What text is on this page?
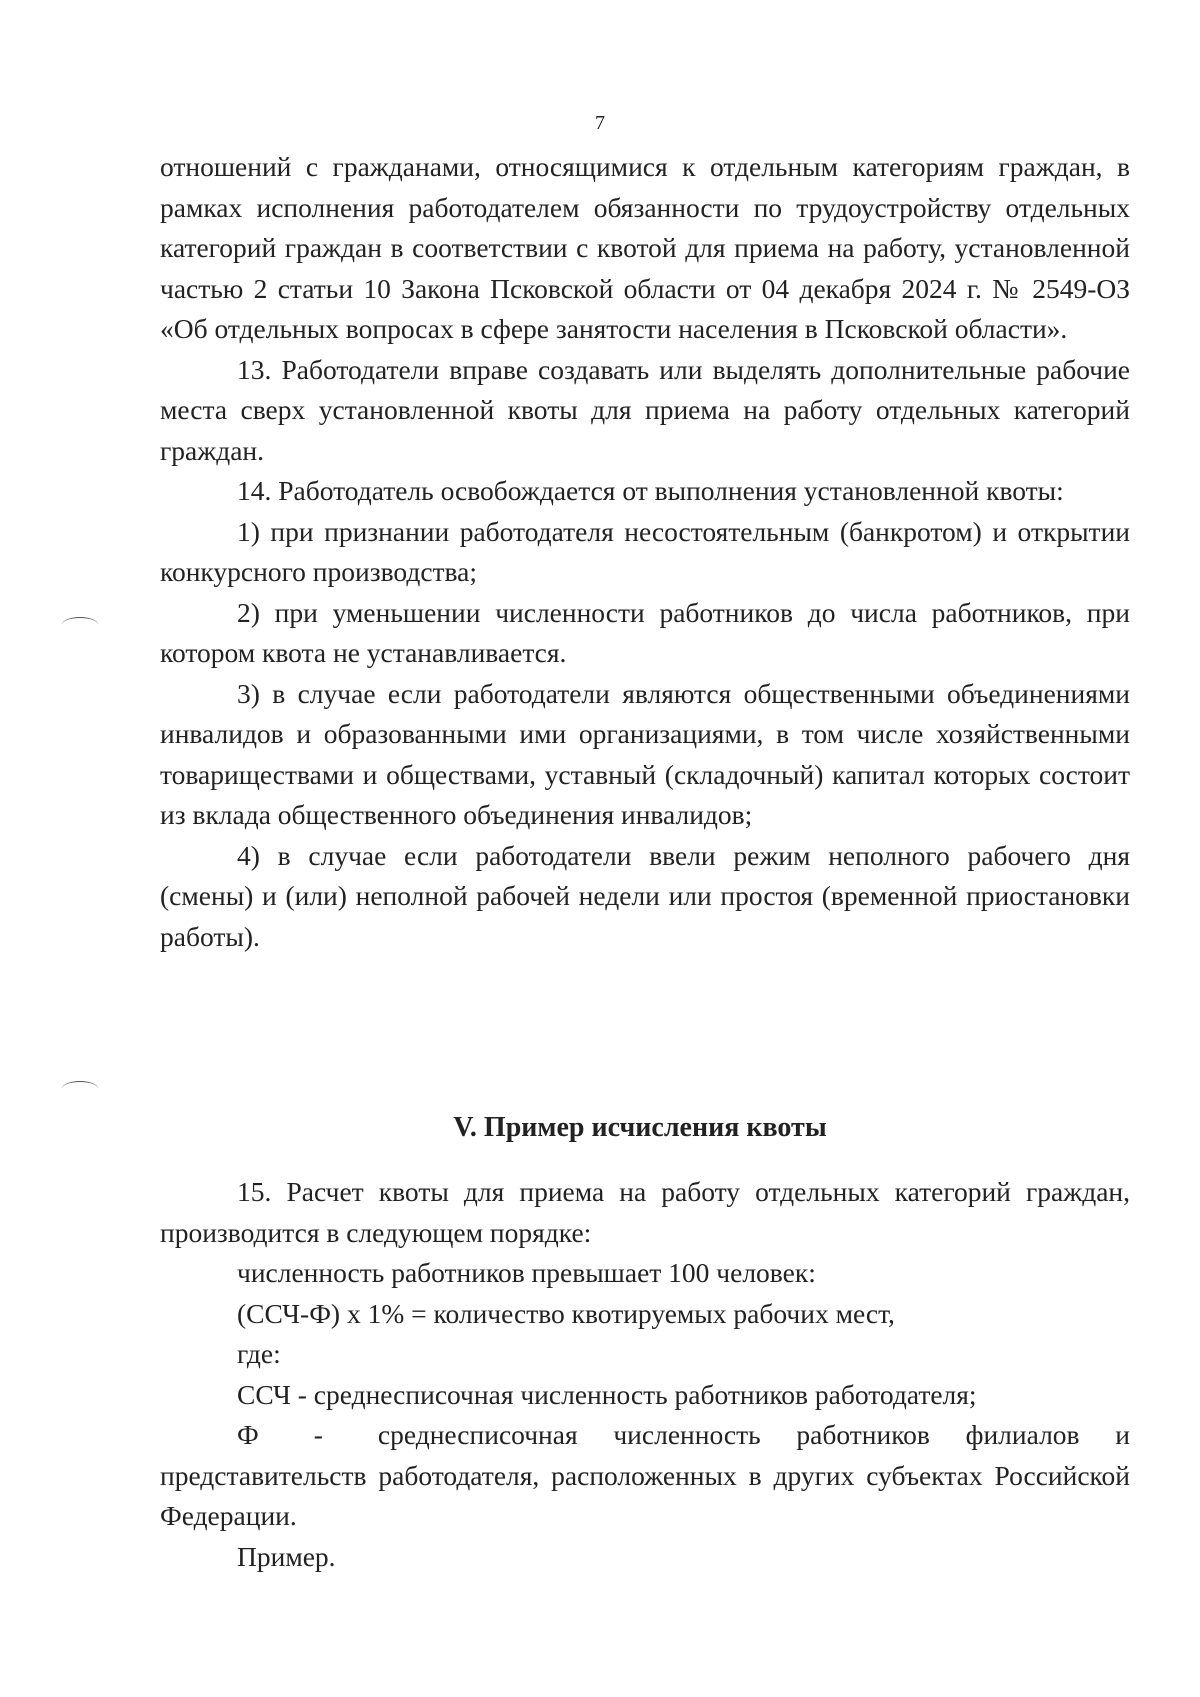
7

отношений с гражданами, относящимися к отдельным категориям граждан, в рамках исполнения работодателем обязанности по трудоустройству отдельных категорий граждан в соответствии с квотой для приема на работу, установленной частью 2 статьи 10 Закона Псковской области от 04 декабря 2024 г. № 2549-ОЗ «Об отдельных вопросах в сфере занятости населения в Псковской области».

13. Работодатели вправе создавать или выделять дополнительные рабочие места сверх установленной квоты для приема на работу отдельных категорий граждан.

14. Работодатель освобождается от выполнения установленной квоты:

1) при признании работодателя несостоятельным (банкротом) и открытии конкурсного производства;

2) при уменьшении численности работников до числа работников, при котором квота не устанавливается.

3) в случае если работодатели являются общественными объединениями инвалидов и образованными ими организациями, в том числе хозяйственными товариществами и обществами, уставный (складочный) капитал которых состоит из вклада общественного объединения инвалидов;

4) в случае если работодатели ввели режим неполного рабочего дня (смены) и (или) неполной рабочей недели или простоя (временной приостановки работы).

V. Пример исчисления квоты

15. Расчет квоты для приема на работу отдельных категорий граждан, производится в следующем порядке:

численность работников превышает 100 человек:

(ССЧ-Ф) х 1% = количество квотируемых рабочих мест,

где:

ССЧ - среднесписочная численность работников работодателя;

Ф - среднесписочная численность работников филиалов и представительств работодателя, расположенных в других субъектах Российской Федерации.

Пример.
